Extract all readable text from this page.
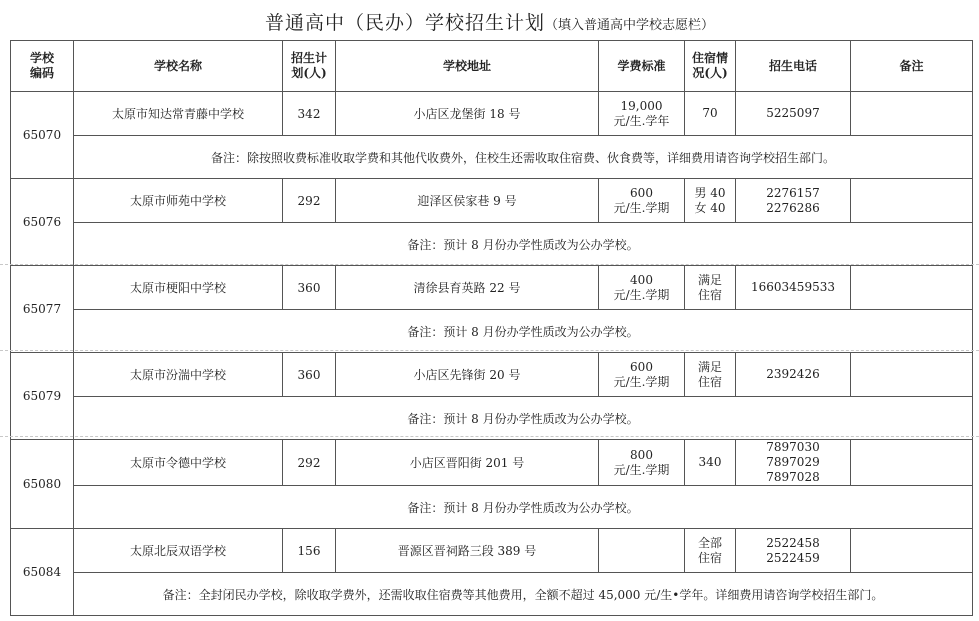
普通高中（民办）学校招生计划（填入普通高中学校志愿栏）
学校编码	学校名称	招生计划(人)	学校地址	学费标准	住宿情况(人)	招生电话	备注
65070	太原市知达常青藤中学校	342	小店区龙堡街 18 号	19,000
元/生.学年	70	5225097	

	备注：除按照收费标准收取学费和其他代收费外，住校生还需收取住宿费、伙食费等，详细费用请咨询学校招生部门。						
65076	太原市师苑中学校	292	迎泽区侯家巷 9 号	600
元/生.学期	男 40
女 40	2276157
2276286	

	备注：预计 8 月份办学性质改为公办学校。						
65077	太原市梗阳中学校	360	清徐县育英路 22 号	400
元/生.学期	满足
住宿	16603459533	

	备注：预计 8 月份办学性质改为公办学校。						
65079	太原市汾湍中学校	360	小店区先锋街 20 号	600
元/生.学期	满足
住宿	2392426	

	备注：预计 8 月份办学性质改为公办学校。						
65080	太原市令德中学校	292	小店区晋阳街 201 号	800
元/生.学期	340	7897030
7897029
7897028	

	备注：预计 8 月份办学性质改为公办学校。						
65084	太原北辰双语学校	156	晋源区晋祠路三段 389 号		全部
住宿	2522458
2522459	

	备注：全封闭民办学校，除收取学费外，还需收取住宿费等其他费用，全额不超过 45,000 元/生•学年。详细费用请咨询学校招生部门。						
